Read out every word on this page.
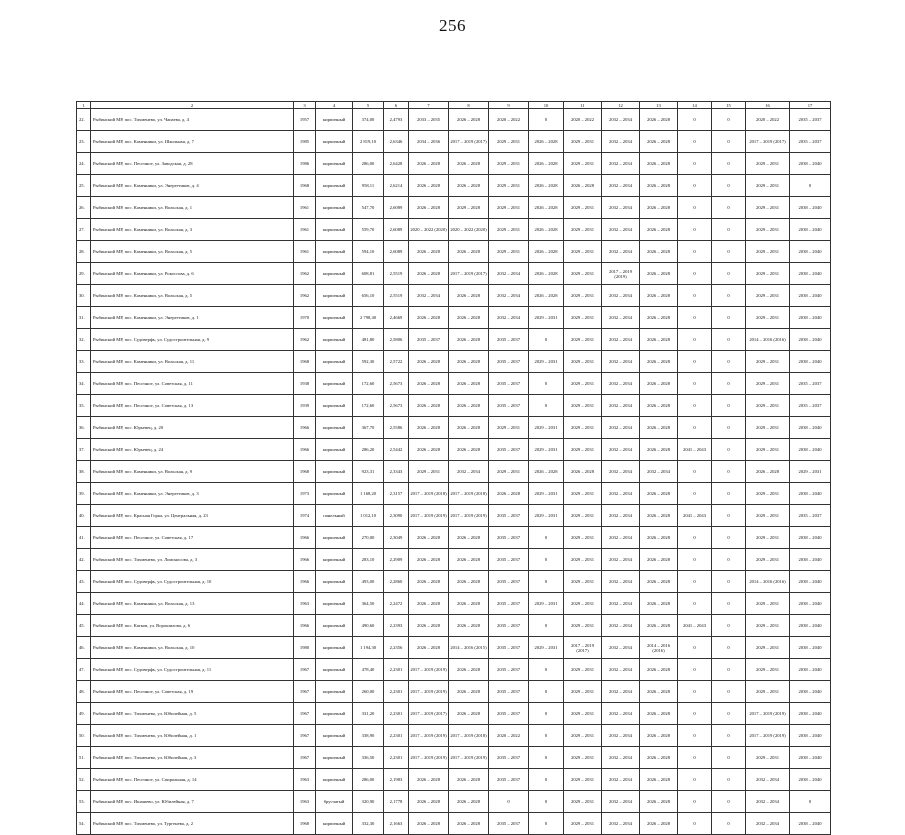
256
1	2	3	4	5	6	7	8	9	10	11	12	13	14	15	16	17
22.	Рыбинский МР, пос. Тихменево, ул. Чапаева, д. 4	1957	кирпичный	374,00	2,4793	2033 – 2035	2026 – 2028	2020 – 2022	0	2020 – 2022	2032 – 2034	2026 – 2028	0	0	2020 – 2022	2035 – 2037
23.	Рыбинский МР, пос. Каменники, ул. Школьная, д. 7	1985	кирпичный	2 819,10	2,6346	2034 – 2036	2017 – 2019 (2017)	2029 – 2031	2026 – 2028	2029 – 2031	2032 – 2034	2026 – 2028	0	0	2017 – 2019 (2017)	2035 – 2037
24.	Рыбинский МР, пос. Песочное, ул. Заводская, д. 28	1986	кирпичный	286,00	2,6428	2026 – 2028	2026 – 2028	2029 – 2031	2026 – 2028	2029 – 2031	2032 – 2034	2026 – 2028	0	0	2029 – 2031	2038 – 2040
25.	Рыбинский МР, пос. Каменники, ул. Энергетиков, д. 4	1968	кирпичный	958,11	2,6214	2026 – 2028	2026 – 2028	2029 – 2031	2026 – 2028	2026 – 2028	2032 – 2034	2026 – 2028	0	0	2029 – 2031	0
26.	Рыбинский МР, пос. Каменники, ул. Вольская, д. 1	1961	кирпичный	547,70	2,6089	2026 – 2028	2029 – 2028	2029 – 2031	2026 – 2028	2029 – 2031	2032 – 2034	2026 – 2028	0	0	2029 – 2031	2038 – 2040
27.	Рыбинский МР, пос. Каменники, ул. Вольская, д. 3	1961	кирпичный	559,70	2,6089	2020 – 2022 (2020)	2020 – 2022 (2020)	2029 – 2031	2026 – 2028	2029 – 2031	2032 – 2034	2026 – 2028	0	0	2029 – 2031	2038 – 2040
28.	Рыбинский МР, пос. Каменники, ул. Вольская, д. 5	1961	кирпичный	594,10	2,6089	2026 – 2028	2026 – 2028	2029 – 2031	2026 – 2028	2029 – 2031	2032 – 2034	2026 – 2028	0	0	2029 – 2031	2038 – 2040
29.	Рыбинский МР, пос. Каменники, ул. Рокоссова, д. 6	1962	кирпичный	608,81	2,5519	2026 – 2028	2017 – 2019 (2017)	2032 – 2034	2026 – 2028	2029 – 2031	2017 – 2019 (2019)	2026 – 2028	0	0	2029 – 2031	2038 – 2040
30.	Рыбинский МР, пос. Каменники, ул. Вольская, д. 5	1962	кирпичный	656,10	2,5519	2032 – 2034	2026 – 2028	2032 – 2034	2026 – 2028	2029 – 2031	2032 – 2034	2026 – 2028	0	0	2029 – 2031	2038 – 2040
31.	Рыбинский МР, пос. Каменники, ул. Энергетиков, д. 1	1970	кирпичный	2 798,40	2,4669	2026 – 2028	2026 – 2028	2032 – 2034	2029 – 2031	2029 – 2031	2032 – 2034	2026 – 2028	0	0	2029 – 2031	2038 – 2040
32.	Рыбинский МР, пос. Судоверфь, ул. Судостроительная, д. 9	1962	кирпичный	481,80	2,5806	2035 – 2037	2026 – 2028	2035 – 2037	0	2029 – 2031	2032 – 2034	2026 – 2028	0	0	2014 – 2016 (2016)	2038 – 2040
33.	Рыбинский МР, пос. Каменники, ул. Вольская, д. 11	1968	кирпичный	592,30	2,5722	2026 – 2028	2026 – 2028	2035 – 2037	2029 – 2031	2029 – 2031	2032 – 2034	2026 – 2028	0	0	2029 – 2031	2038 – 2040
34.	Рыбинский МР, пос. Песочное, ул. Советская, д. 11	1938	кирпичный	172,60	2,5673	2026 – 2028	2026 – 2028	2035 – 2037	0	2029 – 2031	2032 – 2034	2026 – 2028	0	0	2029 – 2031	2035 – 2037
35.	Рыбинский МР, пос. Песочное, ул. Советская, д. 13	1939	кирпичный	172,60	2,5673	2026 – 2028	2026 – 2028	2035 – 2037	0	2029 – 2031	2032 – 2034	2026 – 2028	0	0	2029 – 2031	2035 – 2037
36.	Рыбинский МР, пос. Юрьевец, д. 20	1966	кирпичный	367,70	2,5586	2026 – 2028	2026 – 2028	2029 – 2031	2029 – 2031	2029 – 2031	2032 – 2034	2026 – 2028	0	0	2029 – 2031	2038 – 2040
37.	Рыбинский МР, пос. Юрьевец, д. 24	1966	кирпичный	286,20	2,5442	2026 – 2028	2026 – 2028	2035 – 2037	2029 – 2031	2029 – 2031	2032 – 2034	2026 – 2028	2041 – 2043	0	2029 – 2031	2038 – 2040
38.	Рыбинский МР, пос. Каменники, ул. Вольская, д. 9	1968	кирпичный	923,31	2,3343	2029 – 2031	2032 – 2034	2029 – 2031	2026 – 2028	2026 – 2028	2032 – 2034	2032 – 2034	0	0	2026 – 2028	2029 – 2031
39.	Рыбинский МР, пос. Каменники, ул. Энергетиков, д. 3	1973	кирпичный	1 168,20	2,3157	2017 – 2019 (2018)	2017 – 2019 (2018)	2026 – 2028	2029 – 2031	2029 – 2031	2032 – 2034	2026 – 2028	0	0	2029 – 2031	2038 – 2040
40.	Рыбинский МР, пос. Красная Горка, ул. Центральная, д. 23	1974	панельный	1 012,10	2,3090	2017 – 2019 (2019)	2017 – 2019 (2019)	2035 – 2037	2029 – 2031	2029 – 2031	2032 – 2034	2026 – 2028	2041 – 2043	0	2029 – 2031	2035 – 2037
41.	Рыбинский МР, пос. Песочное, ул. Советская, д. 17	1966	кирпичный	270,00	2,3049	2026 – 2028	2026 – 2028	2035 – 2037	0	2029 – 2031	2032 – 2034	2026 – 2028	0	0	2029 – 2031	2038 – 2040
42.	Рыбинский МР, пос. Тихменево, ул. Ломоносова, д. 3	1966	кирпичный	283,10	2,2909	2026 – 2028	2026 – 2028	2035 – 2037	0	2029 – 2031	2032 – 2034	2026 – 2028	0	0	2029 – 2031	2038 – 2040
43.	Рыбинский МР, пос. Судоверфь, ул. Судостроительная, д. 10	1966	кирпичный	493,00	2,2860	2026 – 2028	2026 – 2028	2035 – 2037	0	2029 – 2031	2032 – 2034	2026 – 2028	0	0	2014 – 2016 (2016)	2038 – 2040
44.	Рыбинский МР, пос. Каменники, ул. Вольская, д. 13	1963	кирпичный	364,50	2,2472	2026 – 2028	2026 – 2028	2035 – 2037	2029 – 2031	2029 – 2031	2032 – 2034	2026 – 2028	0	0	2029 – 2031	2038 – 2040
45.	Рыбинский МР, пос. Катков, ул. Ворошилова, д. 6	1966	кирпичный	490,60	2,2393	2026 – 2028	2026 – 2028	2035 – 2037	0	2029 – 2031	2032 – 2034	2026 – 2028	2041 – 2043	0	2029 – 2031	2038 – 2040
46.	Рыбинский МР, пос. Каменники, ул. Вольская, д. 10	1980	кирпичный	1 194,30	2,2356	2026 – 2028	2014 – 2016 (2015)	2035 – 2037	2029 – 2031	2017 – 2019 (2017)	2032 – 2034	2014 – 2016 (2016)	0	0	2029 – 2031	2038 – 2040
47.	Рыбинский МР, пос. Судоверфь, ул. Судостроительная, д. 11	1967	кирпичный	478,40	2,2301	2017 – 2019 (2019)	2026 – 2028	2035 – 2037	0	2029 – 2031	2032 – 2034	2026 – 2028	0	0	2029 – 2031	2038 – 2040
48.	Рыбинский МР, пос. Песочное, ул. Советская, д. 19	1967	кирпичный	260,00	2,2301	2017 – 2019 (2019)	2026 – 2028	2035 – 2037	0	2029 – 2031	2032 – 2034	2026 – 2028	0	0	2029 – 2031	2038 – 2040
49.	Рыбинский МР, пос. Тихменево, ул. Юбилейная, д. 5	1967	кирпичный	331,20	2,2301	2017 – 2019 (2017)	2026 – 2028	2035 – 2037	0	2029 – 2031	2032 – 2034	2026 – 2028	0	0	2017 – 2019 (2019)	2038 – 2040
50.	Рыбинский МР, пос. Тихменево, ул. Юбилейная, д. 1	1967	кирпичный	338,90	2,2301	2017 – 2019 (2019)	2017 – 2019 (2018)	2020 – 2022	0	2029 – 2031	2032 – 2034	2026 – 2028	0	0	2017 – 2019 (2019)	2038 – 2040
51.	Рыбинский МР, пос. Тихменево, ул. Юбилейная, д. 3	1967	кирпичный	336,50	2,2301	2017 – 2019 (2019)	2017 – 2019 (2019)	2035 – 2037	0	2029 – 2031	2032 – 2034	2026 – 2028	0	0	2029 – 2031	2038 – 2040
52.	Рыбинский МР, пос. Песочное, ул. Спиральная, д. 14	1963	кирпичный	286,00	2,1983	2026 – 2028	2026 – 2028	2035 – 2037	0	2029 – 2031	2032 – 2034	2026 – 2028	0	0	2032 – 2034	2038 – 2040
53.	Рыбинский МР, пос. Ишашево, ул. Юбилейная, д. 7	1963	брусчатый	320,90	2,1778	2026 – 2028	2026 – 2028	0	0	2029 – 2031	2032 – 2034	2026 – 2028	0	0	2032 – 2034	0
54.	Рыбинский МР, пос. Тихменево, ул. Тургенева, д. 2	1968	кирпичный	332,30	2,1663	2026 – 2028	2026 – 2028	2035 – 2037	0	2029 – 2031	2032 – 2034	2026 – 2028	0	0	2032 – 2034	2038 – 2040
